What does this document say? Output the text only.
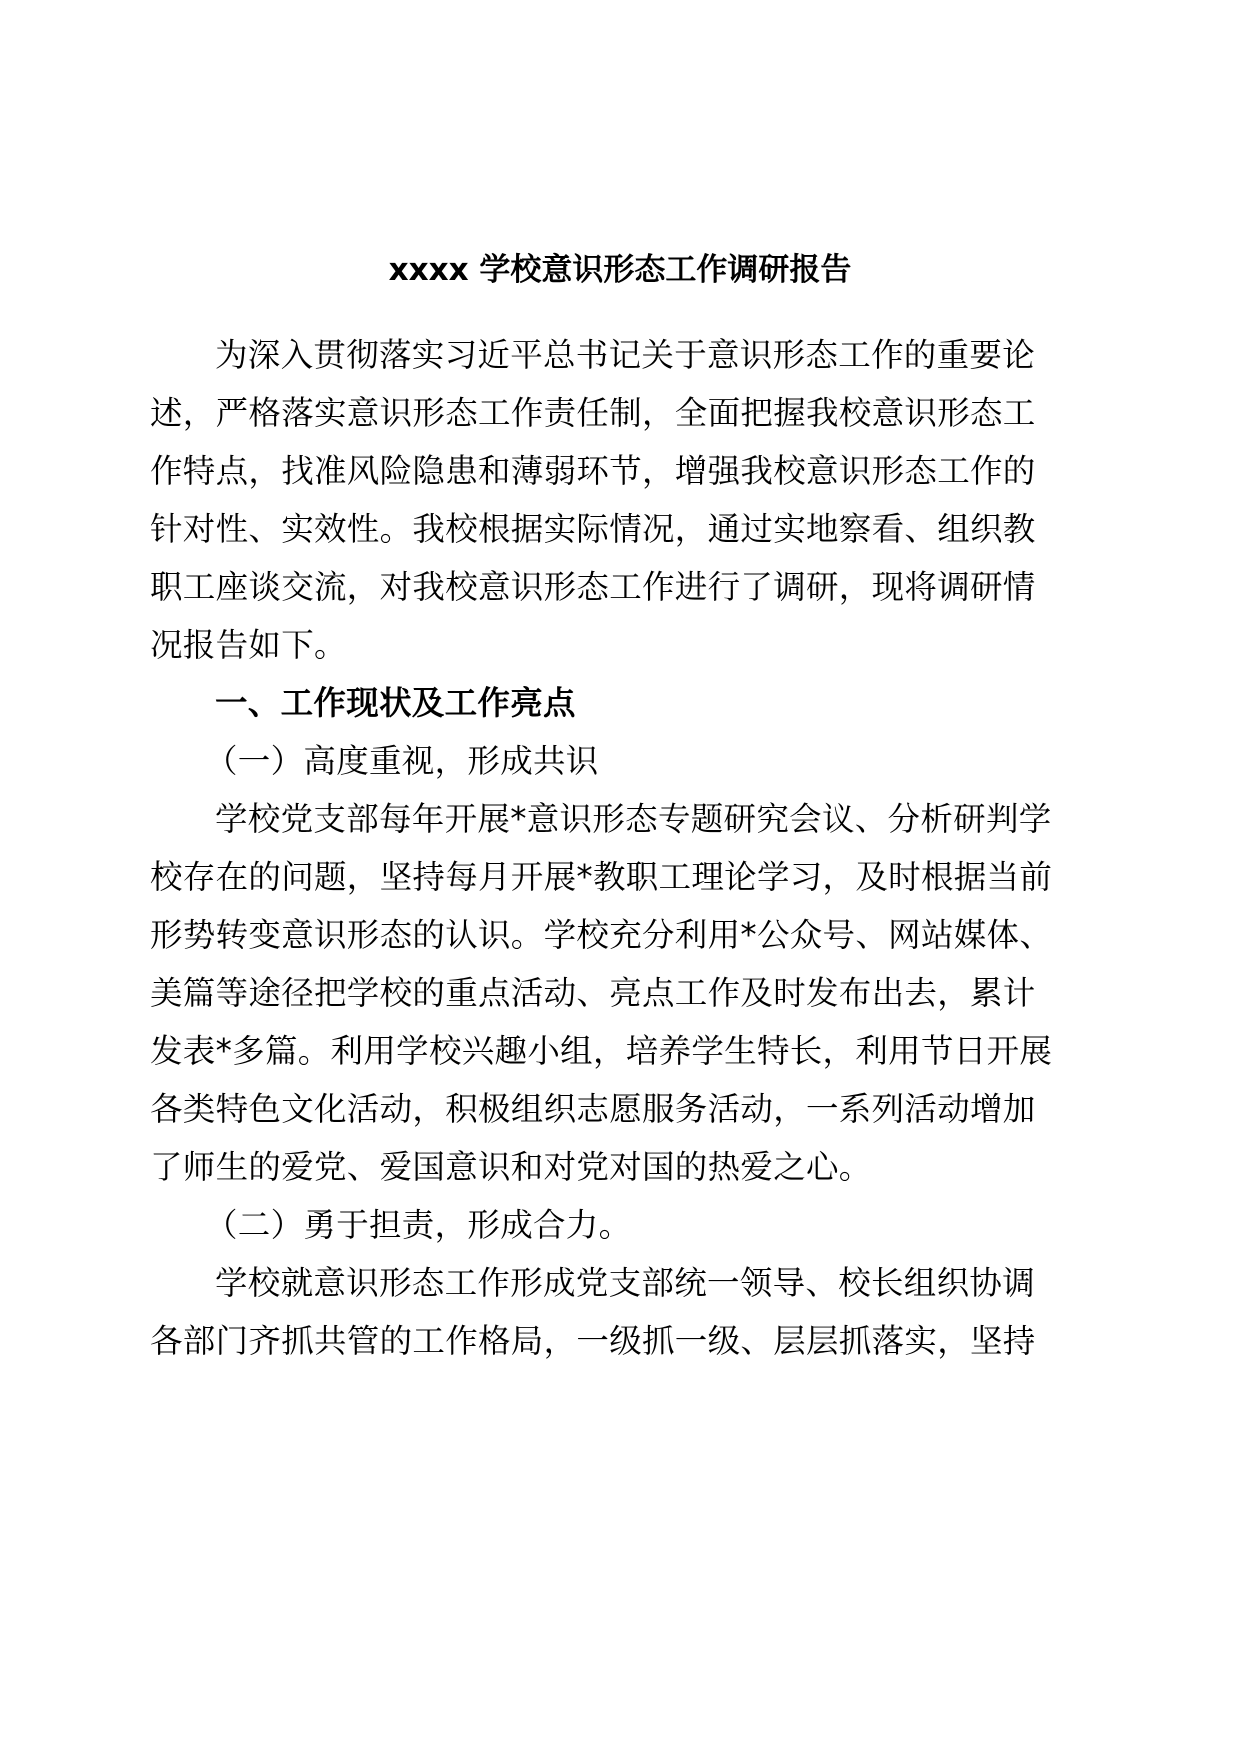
xxxx 学校意识形态工作调研报告
为深入贯彻落实习近平总书记关于意识形态工作的重要论
述，严格落实意识形态工作责任制，全面把握我校意识形态工
作特点，找准风险隐患和薄弱环节，增强我校意识形态工作的
针对性、实效性。我校根据实际情况，通过实地察看、组织教
职工座谈交流，对我校意识形态工作进行了调研，现将调研情
况报告如下。
一、工作现状及工作亮点
（一）高度重视，形成共识
学校党支部每年开展*意识形态专题研究会议、分析研判学
校存在的问题，坚持每月开展*教职工理论学习，及时根据当前
形势转变意识形态的认识。学校充分利用*公众号、网站媒体、
美篇等途径把学校的重点活动、亮点工作及时发布出去，累计
发表*多篇。利用学校兴趣小组，培养学生特长，利用节日开展
各类特色文化活动，积极组织志愿服务活动，一系列活动增加
了师生的爱党、爱国意识和对党对国的热爱之心。
（二）勇于担责，形成合力。
学校就意识形态工作形成党支部统一领导、校长组织协调
各部门齐抓共管的工作格局，一级抓一级、层层抓落实，坚持
